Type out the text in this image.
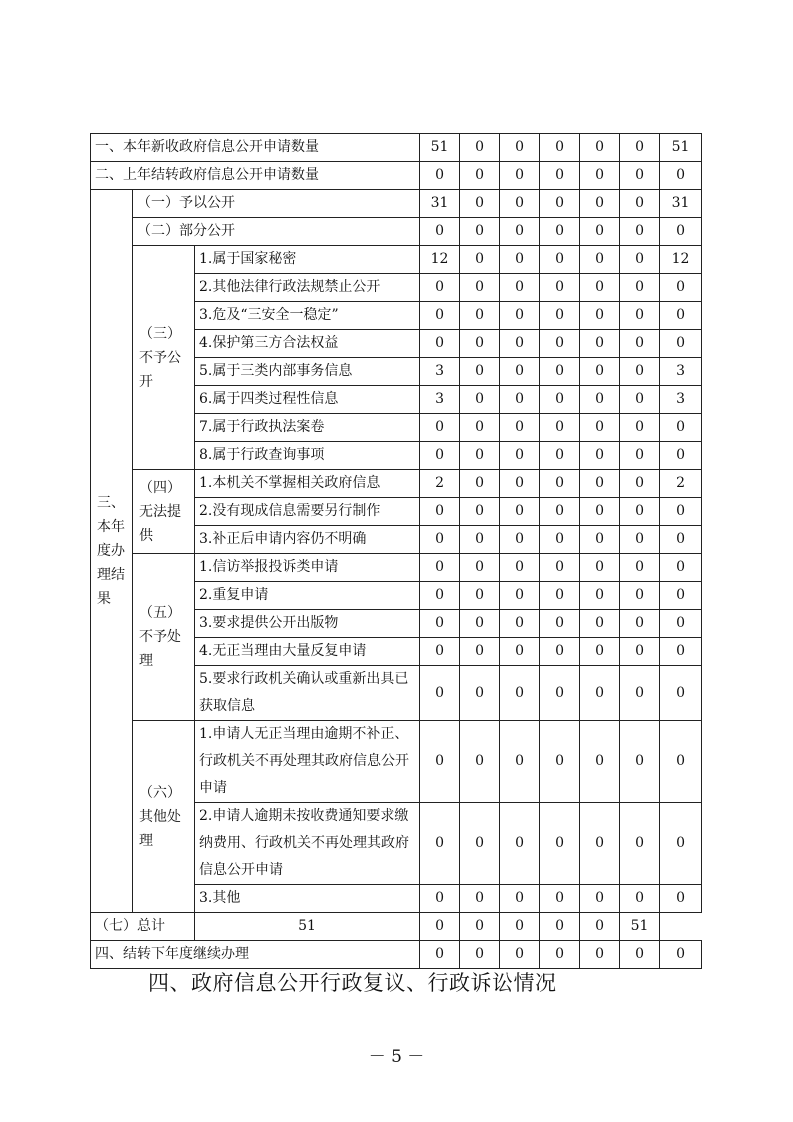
一、本年新收政府信息公开申请数量			51	0	0	0	0	0	51
二、上年结转政府信息公开申请数量			0	0	0	0	0	0	0
三、本年度办理结果	（一）予以公开		31	0	0	0	0	0	31
	（二）部分公开		0	0	0	0	0	0	0
	（三）不予公开	1.属于国家秘密	12	0	0	0	0	0	12
		2.其他法律行政法规禁止公开	0	0	0	0	0	0	0
		3.危及“三安全一稳定”	0	0	0	0	0	0	0
		4.保护第三方合法权益	0	0	0	0	0	0	0
		5.属于三类内部事务信息	3	0	0	0	0	0	3
		6.属于四类过程性信息	3	0	0	0	0	0	3
		7.属于行政执法案卷	0	0	0	0	0	0	0
		8.属于行政查询事项	0	0	0	0	0	0	0
	（四）无法提供	1.本机关不掌握相关政府信息	2	0	0	0	0	0	2
		2.没有现成信息需要另行制作	0	0	0	0	0	0	0
		3.补正后申请内容仍不明确	0	0	0	0	0	0	0
	（五）不予处理	1.信访举报投诉类申请	0	0	0	0	0	0	0
		2.重复申请	0	0	0	0	0	0	0
		3.要求提供公开出版物	0	0	0	0	0	0	0
		4.无正当理由大量反复申请	0	0	0	0	0	0	0
		5.要求行政机关确认或重新出具已获取信息	0	0	0	0	0	0	0
	（六）其他处理	1.申请人无正当理由逾期不补正、行政机关不再处理其政府信息公开申请	0	0	0	0	0	0	0
		2.申请人逾期未按收费通知要求缴纳费用、行政机关不再处理其政府信息公开申请	0	0	0	0	0	0	0
		3.其他	0	0	0	0	0	0	0
（七）总计		51	0	0	0	0	0	51	
四、结转下年度继续办理			0	0	0	0	0	0	0
四、政府信息公开行政复议、行政诉讼情况
－ 5 －
